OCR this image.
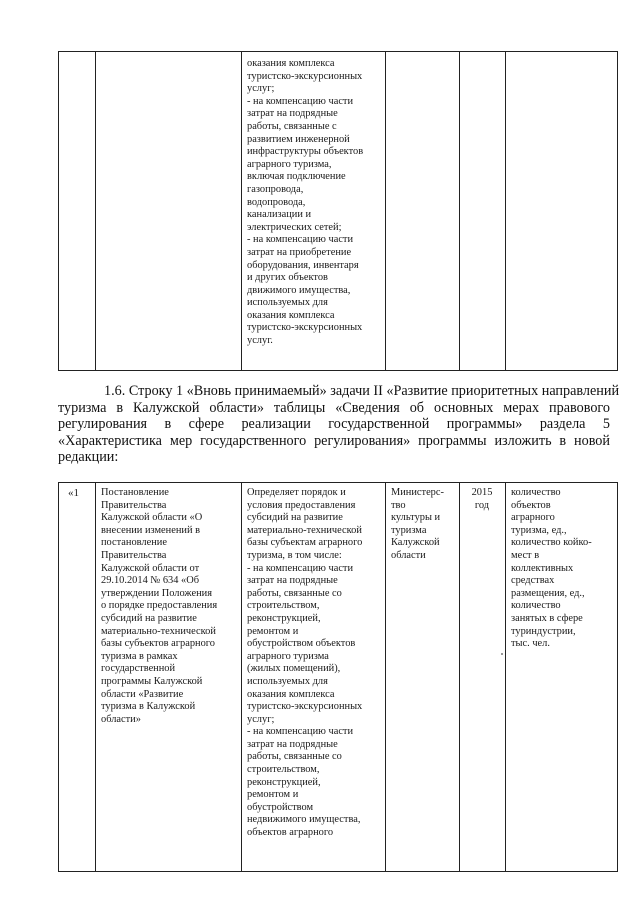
оказания комплекса
туристско-экскурсионных
услуг;
- на компенсацию части
затрат на подрядные
работы, связанные с
развитием инженерной
инфраструктуры объектов
аграрного туризма,
включая подключение
газопровода,
водопровода,
канализации и
электрических сетей;
- на компенсацию части
затрат на приобретение
оборудования, инвентаря
и других объектов
движимого имущества,
используемых для
оказания комплекса
туристско-экскурсионных
услуг.
1.6. Строку 1 «Вновь принимаемый» задачи II «Развитие приоритетных направлений
туризма в Калужской области» таблицы «Сведения об основных мерах правового
регулирования в сфере реализации государственной программы» раздела 5
«Характеристика мер государственного регулирования» программы изложить в новой
редакции:
«1	Постановление
Правительства
Калужской области «О
внесении изменений в
постановление
Правительства
Калужской области от
29.10.2014 № 634 «Об
утверждении Положения
о порядке предоставления
субсидий на развитие
материально-технической
базы субъектов аграрного
туризма в рамках
государственной
программы Калужской
области «Развитие
туризма в Калужской
области»
Определяет порядок и
условия предоставления
субсидий на развитие
материально-технической
базы субъектам аграрного
туризма, в том числе:
- на компенсацию части
затрат на подрядные
работы, связанные со
строительством,
реконструкцией,
ремонтом и
обустройством объектов
аграрного туризма
(жилых помещений),
используемых для
оказания комплекса
туристско-экскурсионных
услуг;
- на компенсацию части
затрат на подрядные
работы, связанные со
строительством,
реконструкцией,
ремонтом и
обустройством
недвижимого имущества,
объектов аграрного
Министерс-
тво
культуры и
туризма
Калужской
области
2015
год
количество
объектов
аграрного
туризма, ед.,
количество койко-
мест в
коллективных
средствах
размещения, ед.,
количество
занятых в сфере
туриндустрии,
тыс. чел.
